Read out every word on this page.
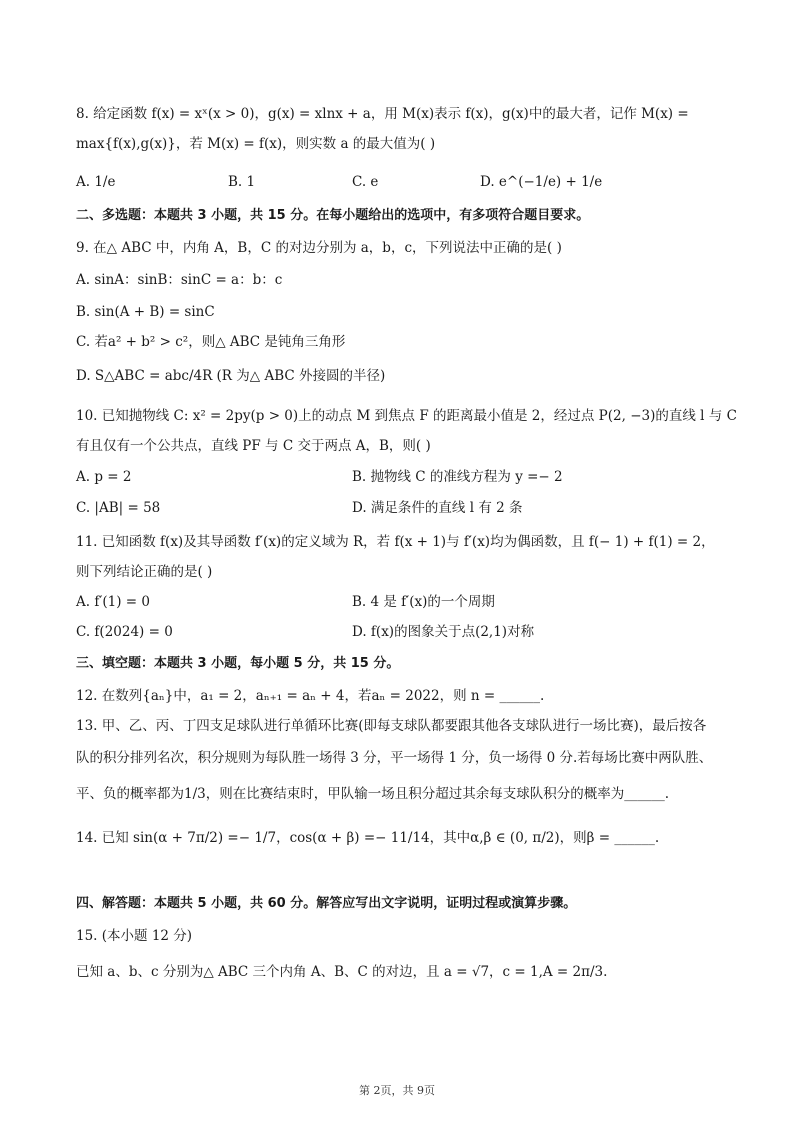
8. 给定函数 f(x) = xˣ(x > 0)，g(x) = xlnx + a，用 M(x)表示 f(x)，g(x)中的最大者，记作 M(x) =
max{f(x),g(x)}，若 M(x) = f(x)，则实数 a 的最大值为( )
A. 1/e	B. 1	C. e	D. e^(−1/e) + 1/e
二、多选题：本题共 3 小题，共 15 分。在每小题给出的选项中，有多项符合题目要求。
9. 在△ ABC 中，内角 A，B，C 的对边分别为 a，b，c，下列说法中正确的是( )
A. sinA：sinB：sinC = a：b：c
B. sin(A + B) = sinC
C. 若a² + b² > c²，则△ ABC 是钝角三角形
D. S△ABC = abc/4R (R 为△ ABC 外接圆的半径)
10. 已知抛物线 C: x² = 2py(p > 0)上的动点 M 到焦点 F 的距离最小值是 2，经过点 P(2, −3)的直线 l 与 C
有且仅有一个公共点，直线 PF 与 C 交于两点 A，B，则( )
A. p = 2	B. 抛物线 C 的准线方程为 y =− 2
C. |AB| = 58	D. 满足条件的直线 l 有 2 条
11. 已知函数 f(x)及其导函数 f′(x)的定义域为 R，若 f(x + 1)与 f′(x)均为偶函数，且 f(− 1) + f(1) = 2，
则下列结论正确的是( )
A. f′(1) = 0	B. 4 是 f′(x)的一个周期
C. f(2024) = 0	D. f(x)的图象关于点(2,1)对称
三、填空题：本题共 3 小题，每小题 5 分，共 15 分。
12. 在数列{aₙ}中，a₁ = 2，aₙ₊₁ = aₙ + 4，若aₙ = 2022，则 n = ______.
13. 甲、乙、丙、丁四支足球队进行单循环比赛(即每支球队都要跟其他各支球队进行一场比赛)，最后按各
队的积分排列名次，积分规则为每队胜一场得 3 分，平一场得 1 分，负一场得 0 分.若每场比赛中两队胜、
平、负的概率都为1/3，则在比赛结束时，甲队输一场且积分超过其余每支球队积分的概率为______.
14. 已知 sin(α + 7π/2) =− 1/7，cos(α + β) =− 11/14，其中α,β ∈ (0, π/2)，则β = ______.
四、解答题：本题共 5 小题，共 60 分。解答应写出文字说明，证明过程或演算步骤。
15. (本小题 12 分)
已知 a、b、c 分别为△ ABC 三个内角 A、B、C 的对边，且 a = √7，c = 1,A = 2π/3.
第 2页，共 9页
